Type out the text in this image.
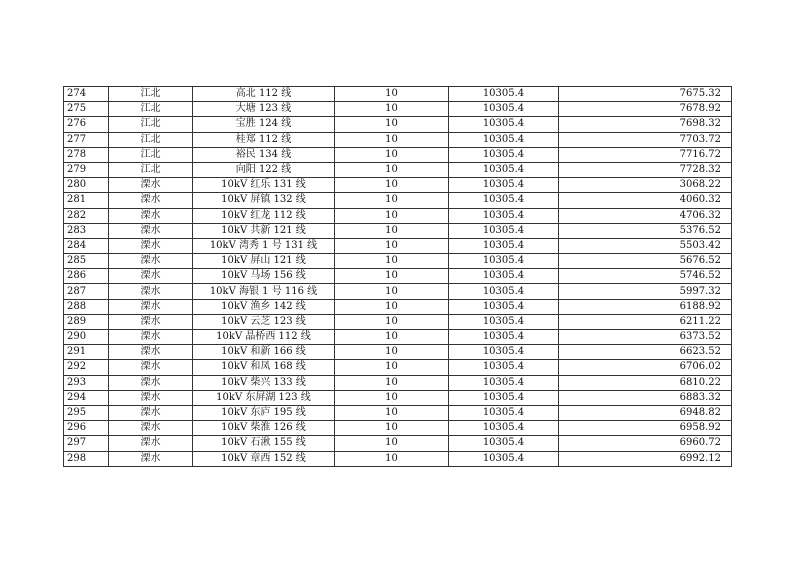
274	江北	高北 112 线	10	10305.4	7675.32
275	江北	大塘 123 线	10	10305.4	7678.92
276	江北	宝胜 124 线	10	10305.4	7698.32
277	江北	桂郑 112 线	10	10305.4	7703.72
278	江北	裕民 134 线	10	10305.4	7716.72
279	江北	向阳 122 线	10	10305.4	7728.32
280	溧水	10kV 红乐 131 线	10	10305.4	3068.22
281	溧水	10kV 屏镇 132 线	10	10305.4	4060.32
282	溧水	10kV 红龙 112 线	10	10305.4	4706.32
283	溧水	10kV 共新 121 线	10	10305.4	5376.52
284	溧水	10kV 湾秀 1 号 131 线	10	10305.4	5503.42
285	溧水	10kV 屏山 121 线	10	10305.4	5676.52
286	溧水	10kV 马场 156 线	10	10305.4	5746.52
287	溧水	10kV 海银 1 号 116 线	10	10305.4	5997.32
288	溧水	10kV 渔乡 142 线	10	10305.4	6188.92
289	溧水	10kV 云芝 123 线	10	10305.4	6211.22
290	溧水	10kV 晶桥西 112 线	10	10305.4	6373.52
291	溧水	10kV 和新 166 线	10	10305.4	6623.52
292	溧水	10kV 和凤 168 线	10	10305.4	6706.02
293	溧水	10kV 柴兴 133 线	10	10305.4	6810.22
294	溧水	10kV 东屏湖 123 线	10	10305.4	6883.32
295	溧水	10kV 东庐 195 线	10	10305.4	6948.82
296	溧水	10kV 柴淮 126 线	10	10305.4	6958.92
297	溧水	10kV 石湫 155 线	10	10305.4	6960.72
298	溧水	10kV 章西 152 线	10	10305.4	6992.12
